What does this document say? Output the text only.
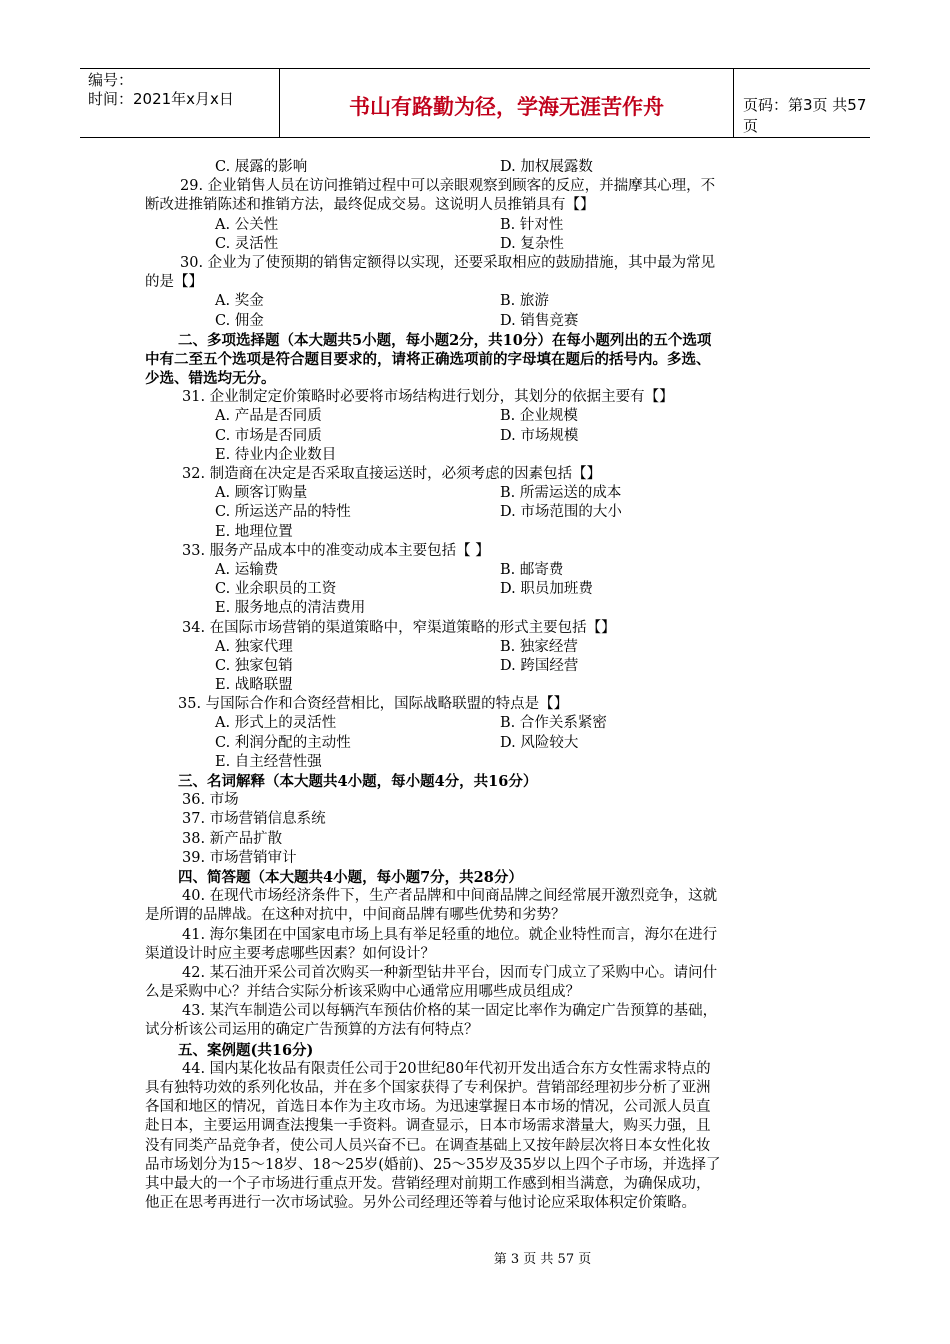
编号：
时间：2021年x月x日	书山有路勤为径，学海无涯苦作舟	页码：第3页 共57页
C. 展露的影响	D. 加权展露数
29. 企业销售人员在访问推销过程中可以亲眼观察到顾客的反应，并揣摩其心理，不
断改进推销陈述和推销方法，最终促成交易。这说明人员推销具有【】
A. 公关性	B. 针对性
C. 灵活性	D. 复杂性
30. 企业为了使预期的销售定额得以实现，还要采取相应的鼓励措施，其中最为常见
的是【】
A. 奖金	B. 旅游
C. 佣金	D. 销售竞赛
二、多项选择题（本大题共5小题，每小题2分，共10分）在每小题列出的五个选项
中有二至五个选项是符合题目要求的，请将正确选项前的字母填在题后的括号内。多选、
少选、错选均无分。
31. 企业制定定价策略时必要将市场结构进行划分，其划分的依据主要有【】
A. 产品是否同质	B. 企业规模
C. 市场是否同质	D. 市场规模
E. 待业内企业数目
32. 制造商在决定是否采取直接运送时，必须考虑的因素包括【】
A. 顾客订购量	B. 所需运送的成本
C. 所运送产品的特性	D. 市场范围的大小
E. 地理位置
33. 服务产品成本中的准变动成本主要包括【 】
A. 运输费	B. 邮寄费
C. 业余职员的工资	D. 职员加班费
E. 服务地点的清洁费用
34. 在国际市场营销的渠道策略中，窄渠道策略的形式主要包括【】
A. 独家代理	B. 独家经营
C. 独家包销	D. 跨国经营
E. 战略联盟
35. 与国际合作和合资经营相比，国际战略联盟的特点是【】
A. 形式上的灵活性	B. 合作关系紧密
C. 利润分配的主动性	D. 风险较大
E. 自主经营性强
三、名词解释（本大题共4小题，每小题4分，共16分）
36. 市场
37. 市场营销信息系统
38. 新产品扩散
39. 市场营销审计
四、简答题（本大题共4小题，每小题7分，共28分）
40. 在现代市场经济条件下，生产者品牌和中间商品牌之间经常展开激烈竞争，这就
是所谓的品牌战。在这种对抗中，中间商品牌有哪些优势和劣势？
41. 海尔集团在中国家电市场上具有举足轻重的地位。就企业特性而言，海尔在进行
渠道设计时应主要考虑哪些因素？如何设计？
42. 某石油开采公司首次购买一种新型钻井平台，因而专门成立了采购中心。请问什
么是采购中心？并结合实际分析该采购中心通常应用哪些成员组成？
43. 某汽车制造公司以每辆汽车预估价格的某一固定比率作为确定广告预算的基础，
试分析该公司运用的确定广告预算的方法有何特点？
五、案例题(共16分)
44. 国内某化妆品有限责任公司于20世纪80年代初开发出适合东方女性需求特点的
具有独特功效的系列化妆品，并在多个国家获得了专利保护。营销部经理初步分析了亚洲
各国和地区的情况，首选日本作为主攻市场。为迅速掌握日本市场的情况，公司派人员直
赴日本，主要运用调查法搜集一手资料。调查显示，日本市场需求潜量大，购买力强，且
没有同类产品竞争者，使公司人员兴奋不已。在调查基础上又按年龄层次将日本女性化妆
品市场划分为15～18岁、18～25岁(婚前)、25～35岁及35岁以上四个子市场，并选择了
其中最大的一个子市场进行重点开发。营销经理对前期工作感到相当满意，为确保成功，
他正在思考再进行一次市场试验。另外公司经理还等着与他讨论应采取体积定价策略。
第 3 页 共 57 页
